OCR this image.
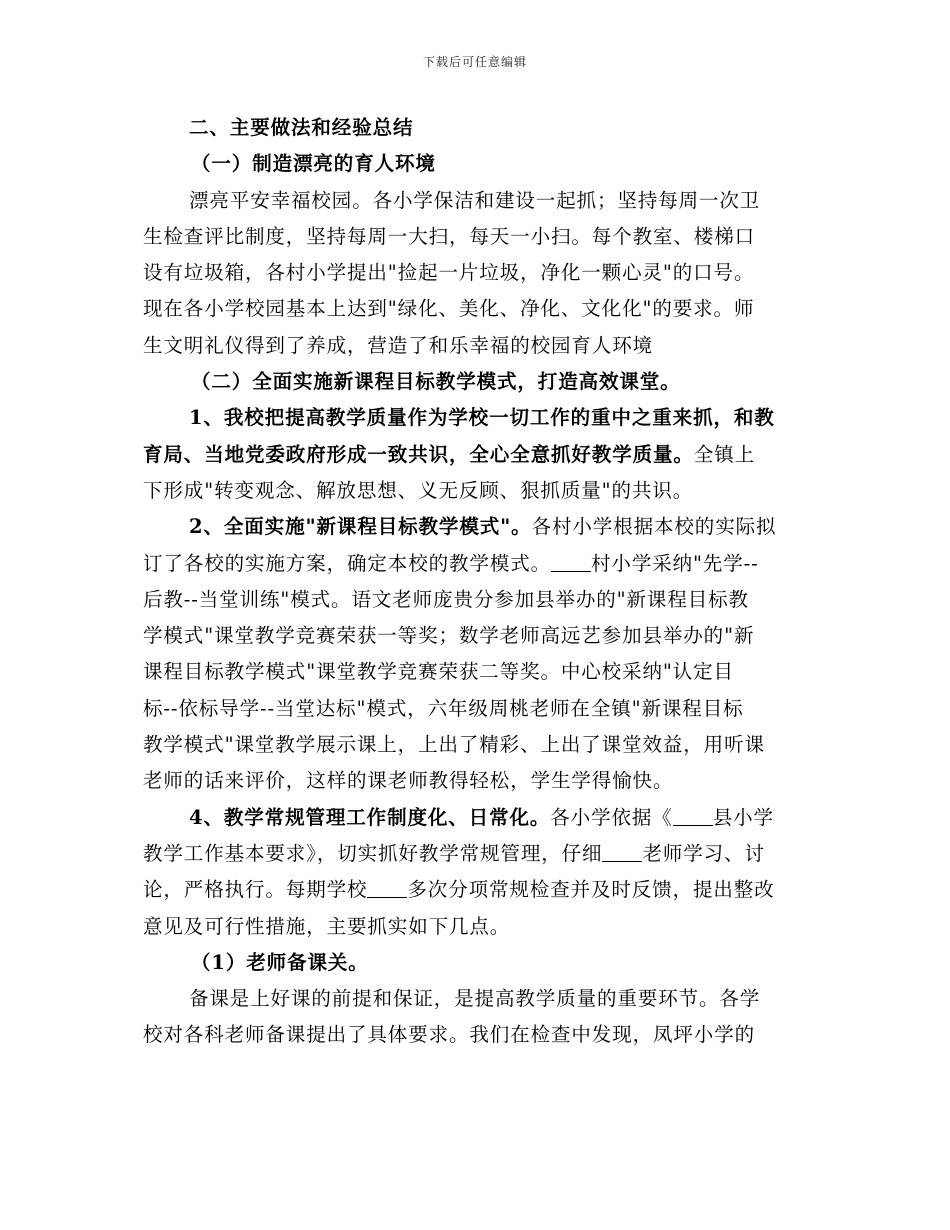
下载后可任意编辑
二、主要做法和经验总结
（一）制造漂亮的育人环境
漂亮平安幸福校园。各小学保洁和建设一起抓；坚持每周一次卫
生检查评比制度，坚持每周一大扫，每天一小扫。每个教室、楼梯口
设有垃圾箱，各村小学提出"捡起一片垃圾，净化一颗心灵"的口号。
现在各小学校园基本上达到"绿化、美化、净化、文化化"的要求。师
生文明礼仪得到了养成，营造了和乐幸福的校园育人环境
（二）全面实施新课程目标教学模式，打造高效课堂。
1、我校把提高教学质量作为学校一切工作的重中之重来抓，和教
育局、当地党委政府形成一致共识，全心全意抓好教学质量。全镇上
下形成"转变观念、解放思想、义无反顾、狠抓质量"的共识。
2、全面实施"新课程目标教学模式"。各村小学根据本校的实际拟
订了各校的实施方案，确定本校的教学模式。 村小学采纳"先学--
后教--当堂训练"模式。语文老师庞贵分参加县举办的"新课程目标教
学模式"课堂教学竞赛荣获一等奖；数学老师高远艺参加县举办的"新
课程目标教学模式"课堂教学竞赛荣获二等奖。中心校采纳"认定目
标--依标导学--当堂达标"模式，六年级周桃老师在全镇"新课程目标
教学模式"课堂教学展示课上，上出了精彩、上出了课堂效益，用听课
老师的话来评价，这样的课老师教得轻松，学生学得愉快。
4、教学常规管理工作制度化、日常化。各小学依据《 县小学
教学工作基本要求》，切实抓好教学常规管理，仔细 老师学习、讨
论，严格执行。每期学校 多次分项常规检查并及时反馈，提出整改
意见及可行性措施，主要抓实如下几点。
（1）老师备课关。
备课是上好课的前提和保证，是提高教学质量的重要环节。各学
校对各科老师备课提出了具体要求。我们在检查中发现，凤坪小学的
